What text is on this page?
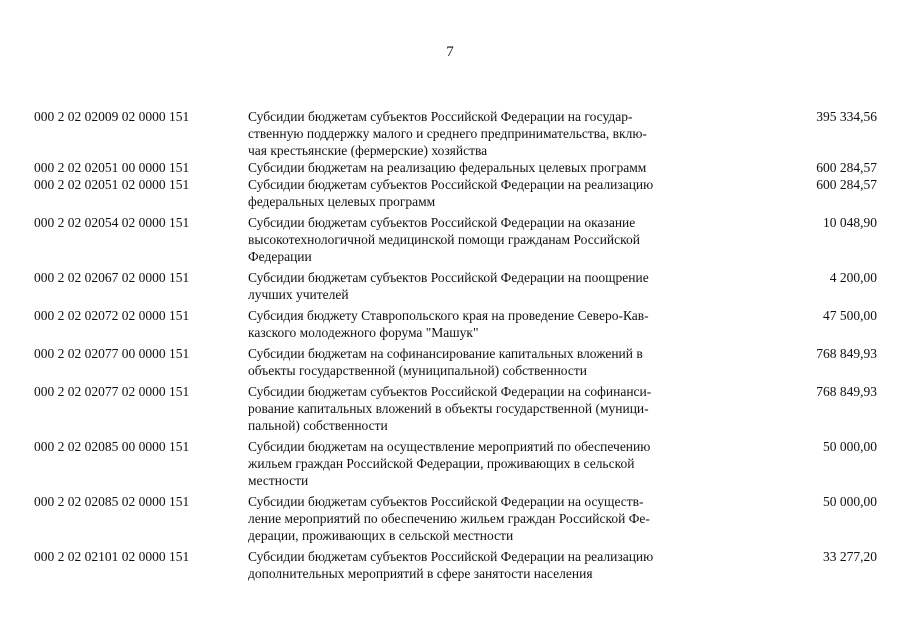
7
000 2 02 02009 02 0000 151	Субсидии бюджетам субъектов Российской Федерации на государ-
ственную поддержку малого и среднего предпринимательства, вклю-
чая крестьянские (фермерские) хозяйства	395 334,56
000 2 02 02051 00 0000 151	Субсидии бюджетам на реализацию федеральных целевых программ	600 284,57
000 2 02 02051 02 0000 151	Субсидии бюджетам субъектов Российской Федерации на реализацию
федеральных целевых программ	600 284,57
000 2 02 02054 02 0000 151	Субсидии бюджетам субъектов Российской Федерации на оказание
высокотехнологичной медицинской помощи гражданам Российской
Федерации	10 048,90
000 2 02 02067 02 0000 151	Субсидии бюджетам субъектов Российской Федерации на поощрение
лучших учителей	4 200,00
000 2 02 02072 02 0000 151	Субсидия бюджету Ставропольского края на проведение Северо-Кав-
казского молодежного форума "Машук"	47 500,00
000 2 02 02077 00 0000 151	Субсидии бюджетам на софинансирование капитальных вложений в
объекты государственной (муниципальной) собственности	768 849,93
000 2 02 02077 02 0000 151	Субсидии бюджетам субъектов Российской Федерации на софинанси-
рование капитальных вложений в объекты государственной (муници-
пальной) собственности	768 849,93
000 2 02 02085 00 0000 151	Субсидии бюджетам на осуществление мероприятий по обеспечению
жильем граждан Российской Федерации, проживающих в сельской
местности	50 000,00
000 2 02 02085 02 0000 151	Субсидии бюджетам субъектов Российской Федерации на осуществ-
ление мероприятий по обеспечению жильем граждан Российской Фе-
дерации, проживающих в сельской местности	50 000,00
000 2 02 02101 02 0000 151	Субсидии бюджетам субъектов Российской Федерации на реализацию
дополнительных мероприятий в сфере занятости населения	33 277,20
